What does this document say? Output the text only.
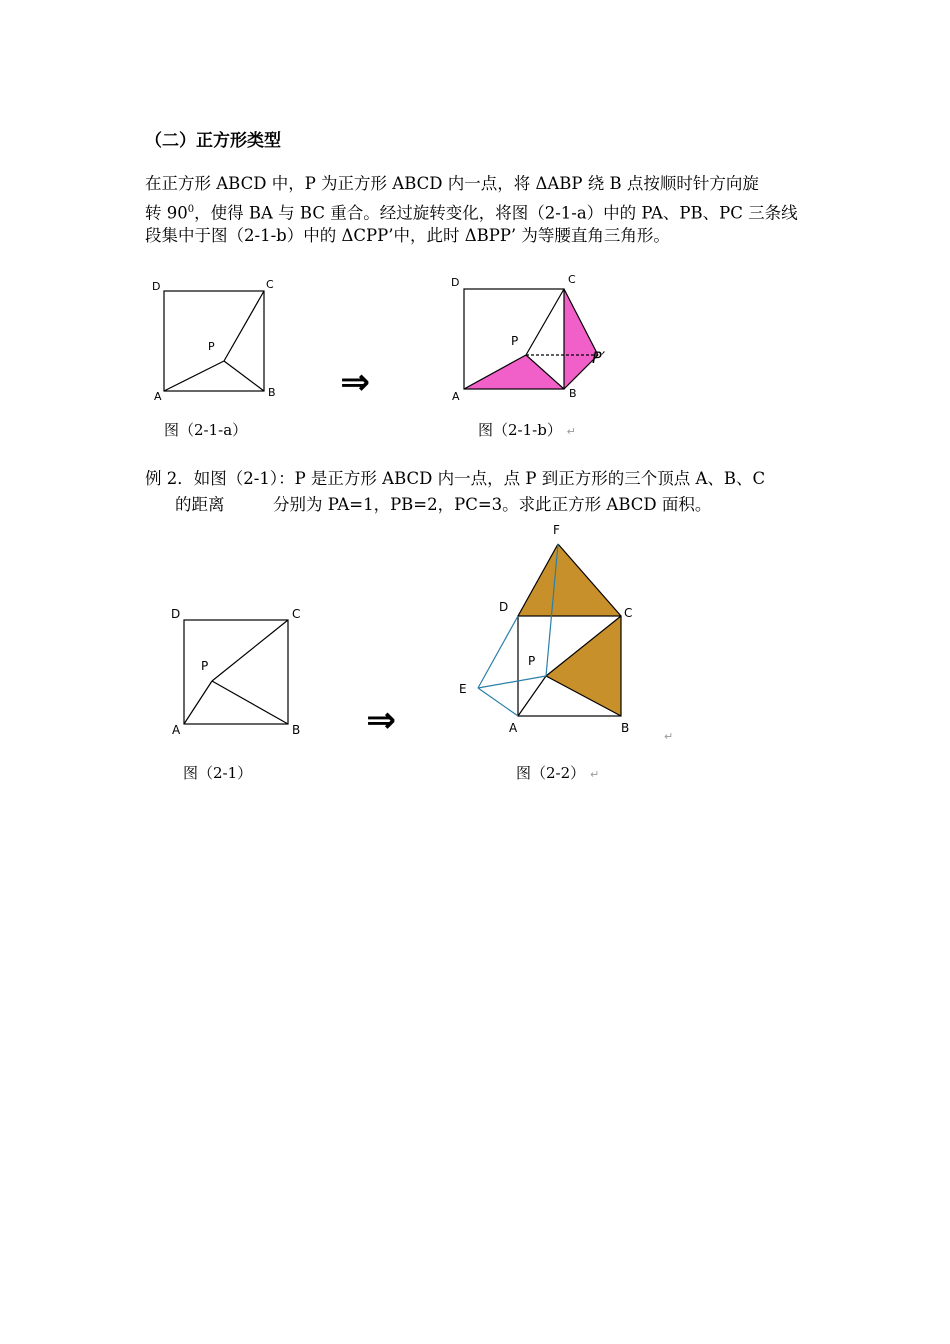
（二）正方形类型
在正方形 ABCD 中，P 为正方形 ABCD 内一点，将 ΔABP 绕 B 点按顺时针方向旋
转 $90^0$，使得 BA 与 BC 重合。经过旋转变化，将图（2-1-a）中的 PA、PB、PC 三条线
段集中于图（2-1-b）中的 ΔCPP’中，此时 ΔBPP’ 为等腰直角三角形。
D	C
A	B
P
图（2-1-a）
⇒
D	C
A	B
P
P′
图（2-1-b） ↵
例 2．如图（2-1）：P 是正方形 ABCD 内一点，点 P 到正方形的三个顶点 A、B、C
的距离	分别为 PA=1，PB=2，PC=3。求此正方形 ABCD 面积。
D	C
A	B
P
图（2-1）
⇒
F
D	C
E
P
A	B
↵
图（2-2） ↵
